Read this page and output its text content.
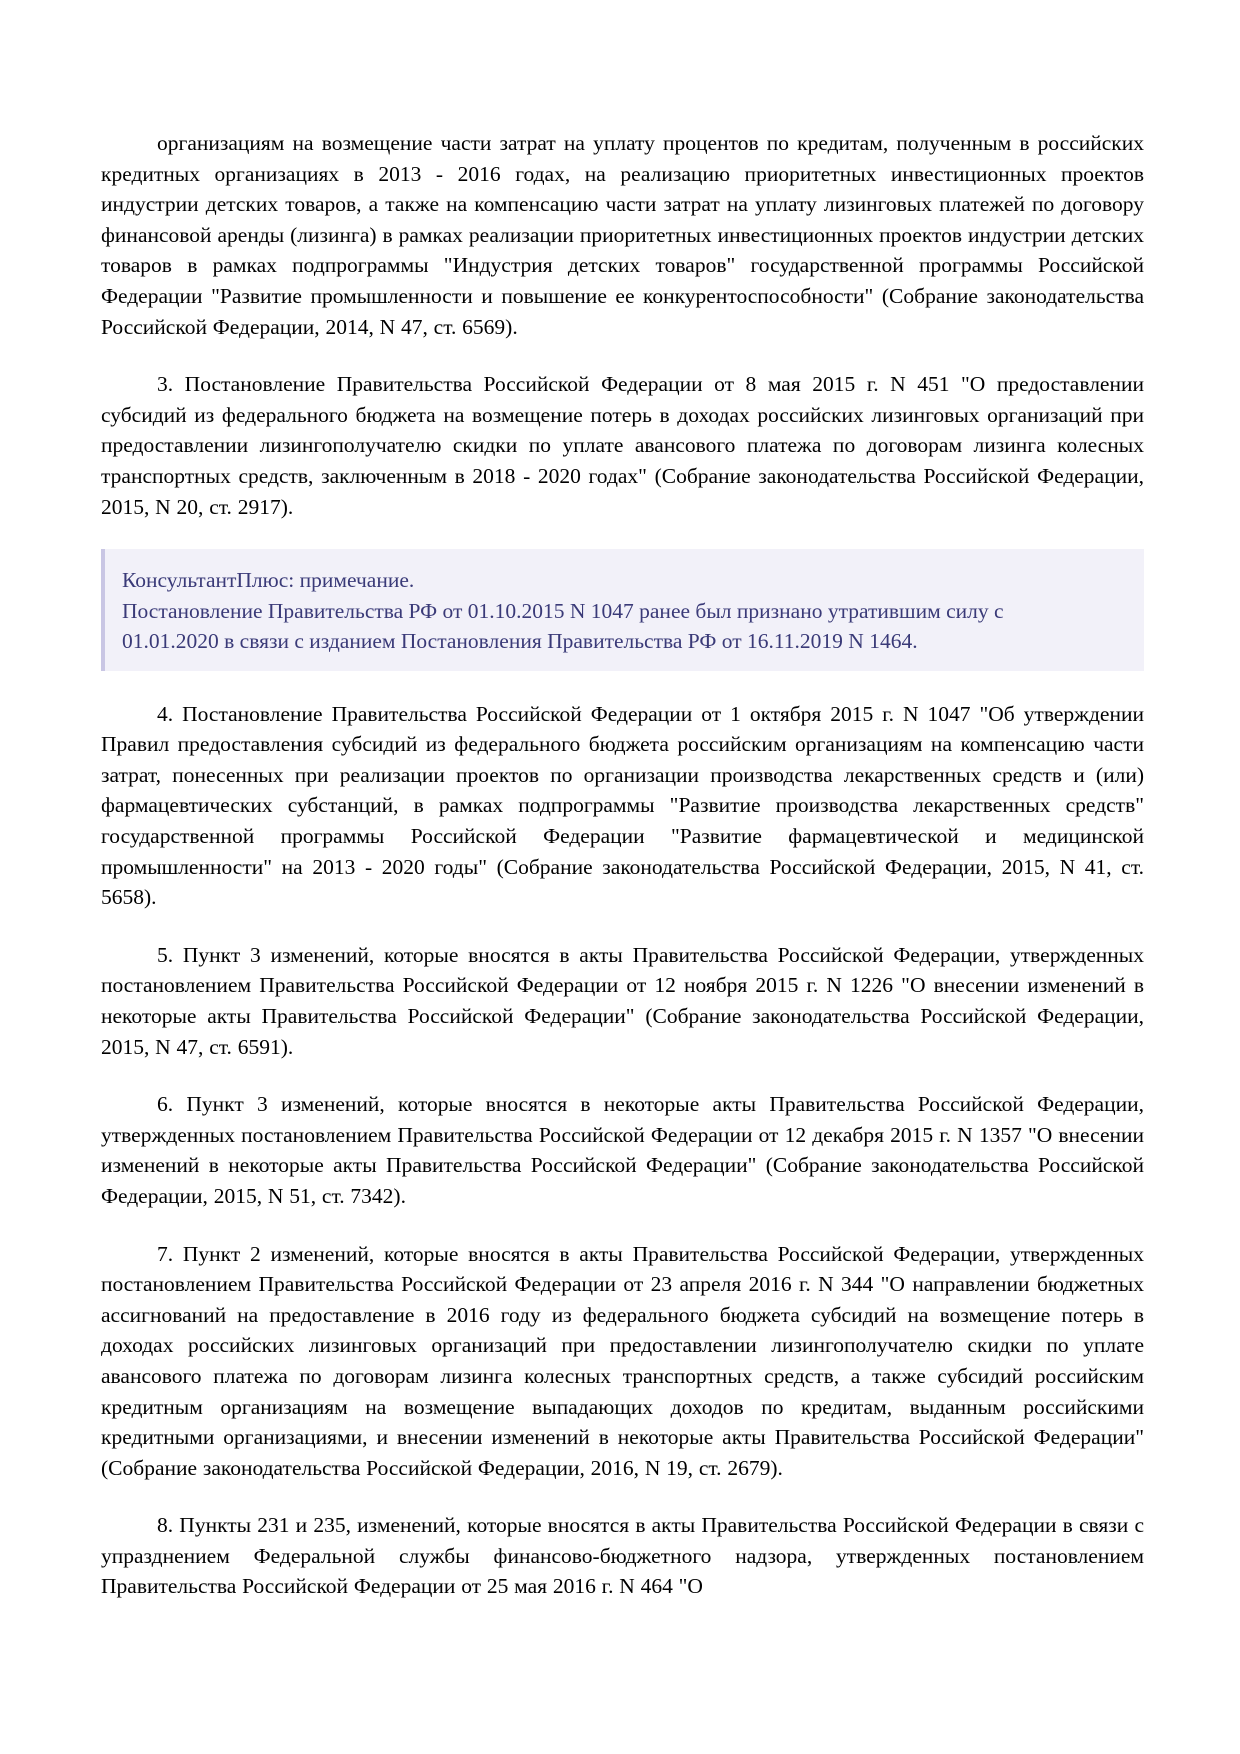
организациям на возмещение части затрат на уплату процентов по кредитам, полученным в российских кредитных организациях в 2013 - 2016 годах, на реализацию приоритетных инвестиционных проектов индустрии детских товаров, а также на компенсацию части затрат на уплату лизинговых платежей по договору финансовой аренды (лизинга) в рамках реализации приоритетных инвестиционных проектов индустрии детских товаров в рамках подпрограммы "Индустрия детских товаров" государственной программы Российской Федерации "Развитие промышленности и повышение ее конкурентоспособности" (Собрание законодательства Российской Федерации, 2014, N 47, ст. 6569).

3. Постановление Правительства Российской Федерации от 8 мая 2015 г. N 451 "О предоставлении субсидий из федерального бюджета на возмещение потерь в доходах российских лизинговых организаций при предоставлении лизингополучателю скидки по уплате авансового платежа по договорам лизинга колесных транспортных средств, заключенным в 2018 - 2020 годах" (Собрание законодательства Российской Федерации, 2015, N 20, ст. 2917).

КонсультантПлюс: примечание.
Постановление Правительства РФ от 01.10.2015 N 1047 ранее был признано утратившим силу с
01.01.2020 в связи с изданием Постановления Правительства РФ от 16.11.2019 N 1464.

4. Постановление Правительства Российской Федерации от 1 октября 2015 г. N 1047 "Об утверждении Правил предоставления субсидий из федерального бюджета российским организациям на компенсацию части затрат, понесенных при реализации проектов по организации производства лекарственных средств и (или) фармацевтических субстанций, в рамках подпрограммы "Развитие производства лекарственных средств" государственной программы Российской Федерации "Развитие фармацевтической и медицинской промышленности" на 2013 - 2020 годы" (Собрание законодательства Российской Федерации, 2015, N 41, ст. 5658).

5. Пункт 3 изменений, которые вносятся в акты Правительства Российской Федерации, утвержденных постановлением Правительства Российской Федерации от 12 ноября 2015 г. N 1226 "О внесении изменений в некоторые акты Правительства Российской Федерации" (Собрание законодательства Российской Федерации, 2015, N 47, ст. 6591).

6. Пункт 3 изменений, которые вносятся в некоторые акты Правительства Российской Федерации, утвержденных постановлением Правительства Российской Федерации от 12 декабря 2015 г. N 1357 "О внесении изменений в некоторые акты Правительства Российской Федерации" (Собрание законодательства Российской Федерации, 2015, N 51, ст. 7342).

7. Пункт 2 изменений, которые вносятся в акты Правительства Российской Федерации, утвержденных постановлением Правительства Российской Федерации от 23 апреля 2016 г. N 344 "О направлении бюджетных ассигнований на предоставление в 2016 году из федерального бюджета субсидий на возмещение потерь в доходах российских лизинговых организаций при предоставлении лизингополучателю скидки по уплате авансового платежа по договорам лизинга колесных транспортных средств, а также субсидий российским кредитным организациям на возмещение выпадающих доходов по кредитам, выданным российскими кредитными организациями, и внесении изменений в некоторые акты Правительства Российской Федерации" (Собрание законодательства Российской Федерации, 2016, N 19, ст. 2679).

8. Пункты 231 и 235, изменений, которые вносятся в акты Правительства Российской Федерации в связи с упразднением Федеральной службы финансово-бюджетного надзора, утвержденных постановлением Правительства Российской Федерации от 25 мая 2016 г. N 464 "О
